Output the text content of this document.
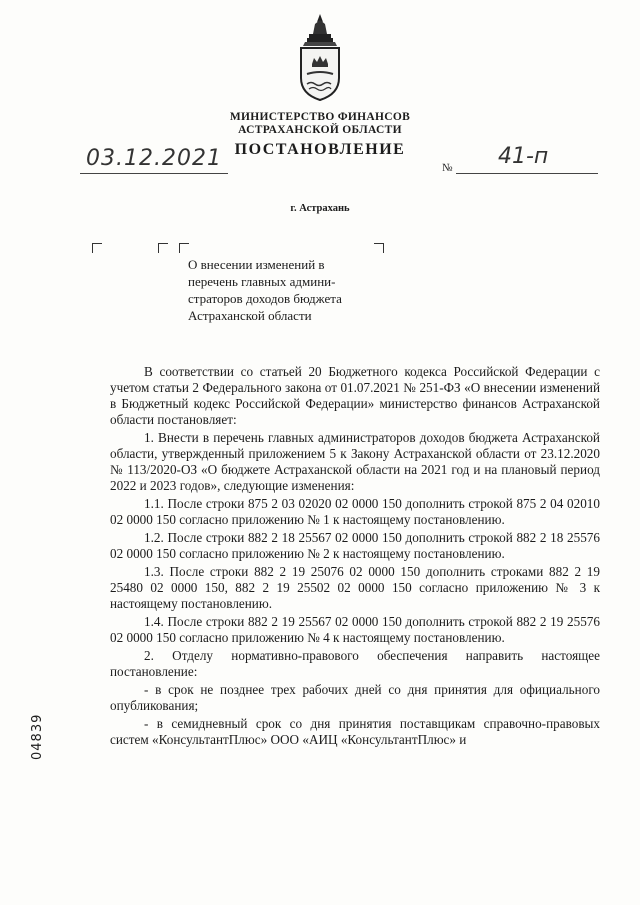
МИНИСТЕРСТВО ФИНАНСОВ
АСТРАХАНСКОЙ ОБЛАСТИ
ПОСТАНОВЛЕНИЕ
03.12.2021	№ 41-п
г. Астрахань
О внесении изменений в
перечень главных админи-
страторов доходов бюджета
Астраханской области

В соответствии со статьей 20 Бюджетного кодекса Российской Федерации с учетом статьи 2 Федерального закона от 01.07.2021 № 251-ФЗ «О внесении изменений в Бюджетный кодекс Российской Федерации» министерство финансов Астраханской области постановляет:

1. Внести в перечень главных администраторов доходов бюджета Астраханской области, утвержденный приложением 5 к Закону Астраханской области от 23.12.2020 № 113/2020-ОЗ «О бюджете Астраханской области на 2021 год и на плановый период 2022 и 2023 годов», следующие изменения:

1.1. После строки 875 2 03 02020 02 0000 150 дополнить строкой 875 2 04 02010 02 0000 150 согласно приложению № 1 к настоящему постановлению.

1.2. После строки 882 2 18 25567 02 0000 150 дополнить строкой 882 2 18 25576 02 0000 150 согласно приложению № 2 к настоящему постановлению.

1.3. После строки 882 2 19 25076 02 0000 150 дополнить строками 882 2 19 25480 02 0000 150, 882 2 19 25502 02 0000 150 согласно приложению № 3 к настоящему постановлению.

1.4. После строки 882 2 19 25567 02 0000 150 дополнить строкой 882 2 19 25576 02 0000 150 согласно приложению № 4 к настоящему постановлению.

2. Отделу нормативно-правового обеспечения направить настоящее постановление:

- в срок не позднее трех рабочих дней со дня принятия для официального опубликования;

- в семидневный срок со дня принятия поставщикам справочно-правовых систем «КонсультантПлюс» ООО «АИЦ «КонсультантПлюс» и

04839
